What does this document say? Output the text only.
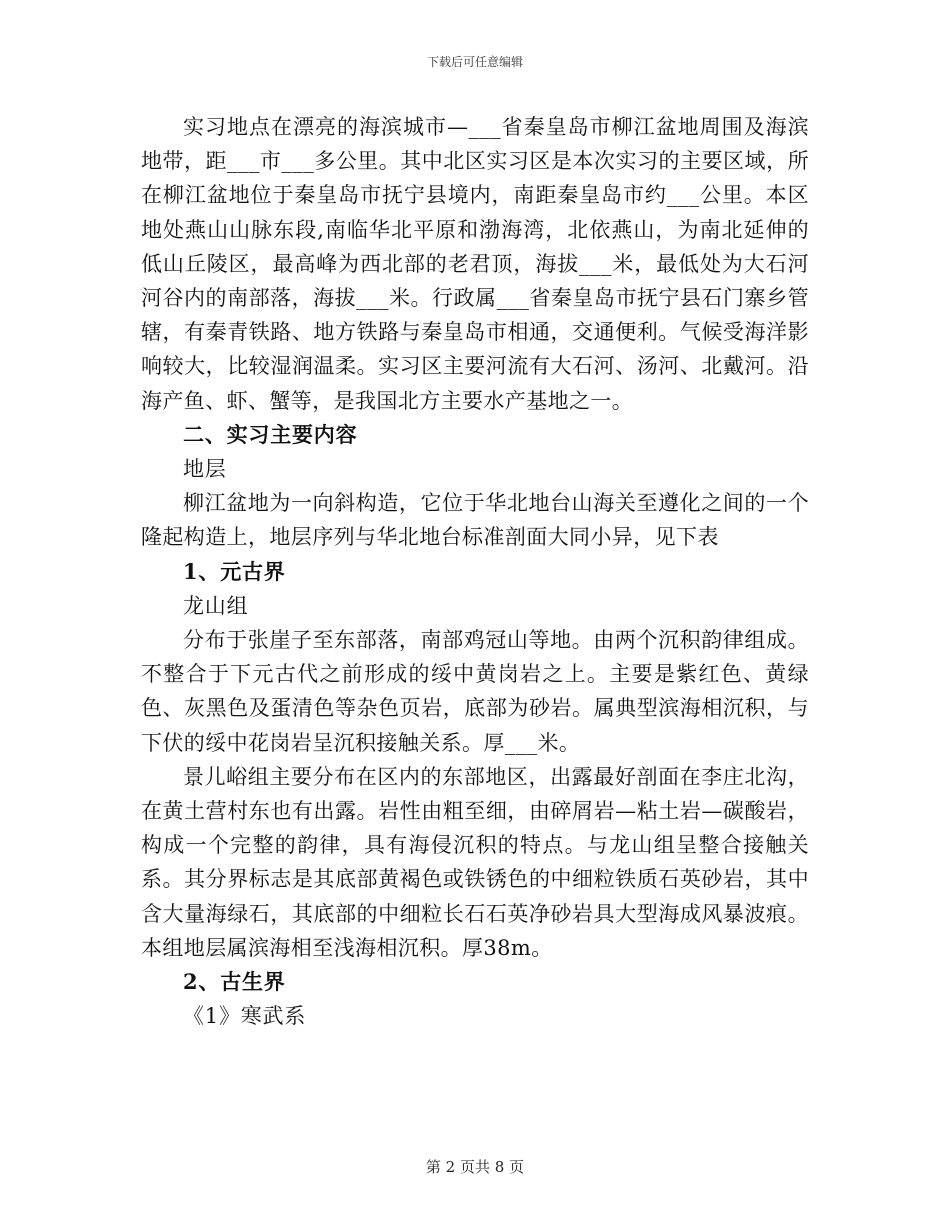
下载后可任意编辑

实习地点在漂亮的海滨城市—___省秦皇岛市柳江盆地周围及海滨地带，距___市___多公里。其中北区实习区是本次实习的主要区域，所在柳江盆地位于秦皇岛市抚宁县境内，南距秦皇岛市约___公里。本区地处燕山山脉东段,南临华北平原和渤海湾，北依燕山，为南北延伸的低山丘陵区，最高峰为西北部的老君顶，海拔___米，最低处为大石河河谷内的南部落，海拔___米。行政属___省秦皇岛市抚宁县石门寨乡管辖，有秦青铁路、地方铁路与秦皇岛市相通，交通便利。气候受海洋影响较大，比较湿润温柔。实习区主要河流有大石河、汤河、北戴河。沿海产鱼、虾、蟹等，是我国北方主要水产基地之一。

二、实习主要内容

地层

柳江盆地为一向斜构造，它位于华北地台山海关至遵化之间的一个隆起构造上，地层序列与华北地台标准剖面大同小异，见下表

1、元古界

龙山组

分布于张崖子至东部落，南部鸡冠山等地。由两个沉积韵律组成。不整合于下元古代之前形成的绥中黄岗岩之上。主要是紫红色、黄绿色、灰黑色及蛋清色等杂色页岩，底部为砂岩。属典型滨海相沉积，与下伏的绥中花岗岩呈沉积接触关系。厚___米。

景儿峪组主要分布在区内的东部地区，出露最好剖面在李庄北沟，在黄土营村东也有出露。岩性由粗至细，由碎屑岩—粘土岩—碳酸岩，构成一个完整的韵律，具有海侵沉积的特点。与龙山组呈整合接触关系。其分界标志是其底部黄褐色或铁锈色的中细粒铁质石英砂岩，其中含大量海绿石，其底部的中细粒长石石英净砂岩具大型海成风暴波痕。本组地层属滨海相至浅海相沉积。厚38m。

2、古生界

《1》寒武系

第 2 页共 8 页
